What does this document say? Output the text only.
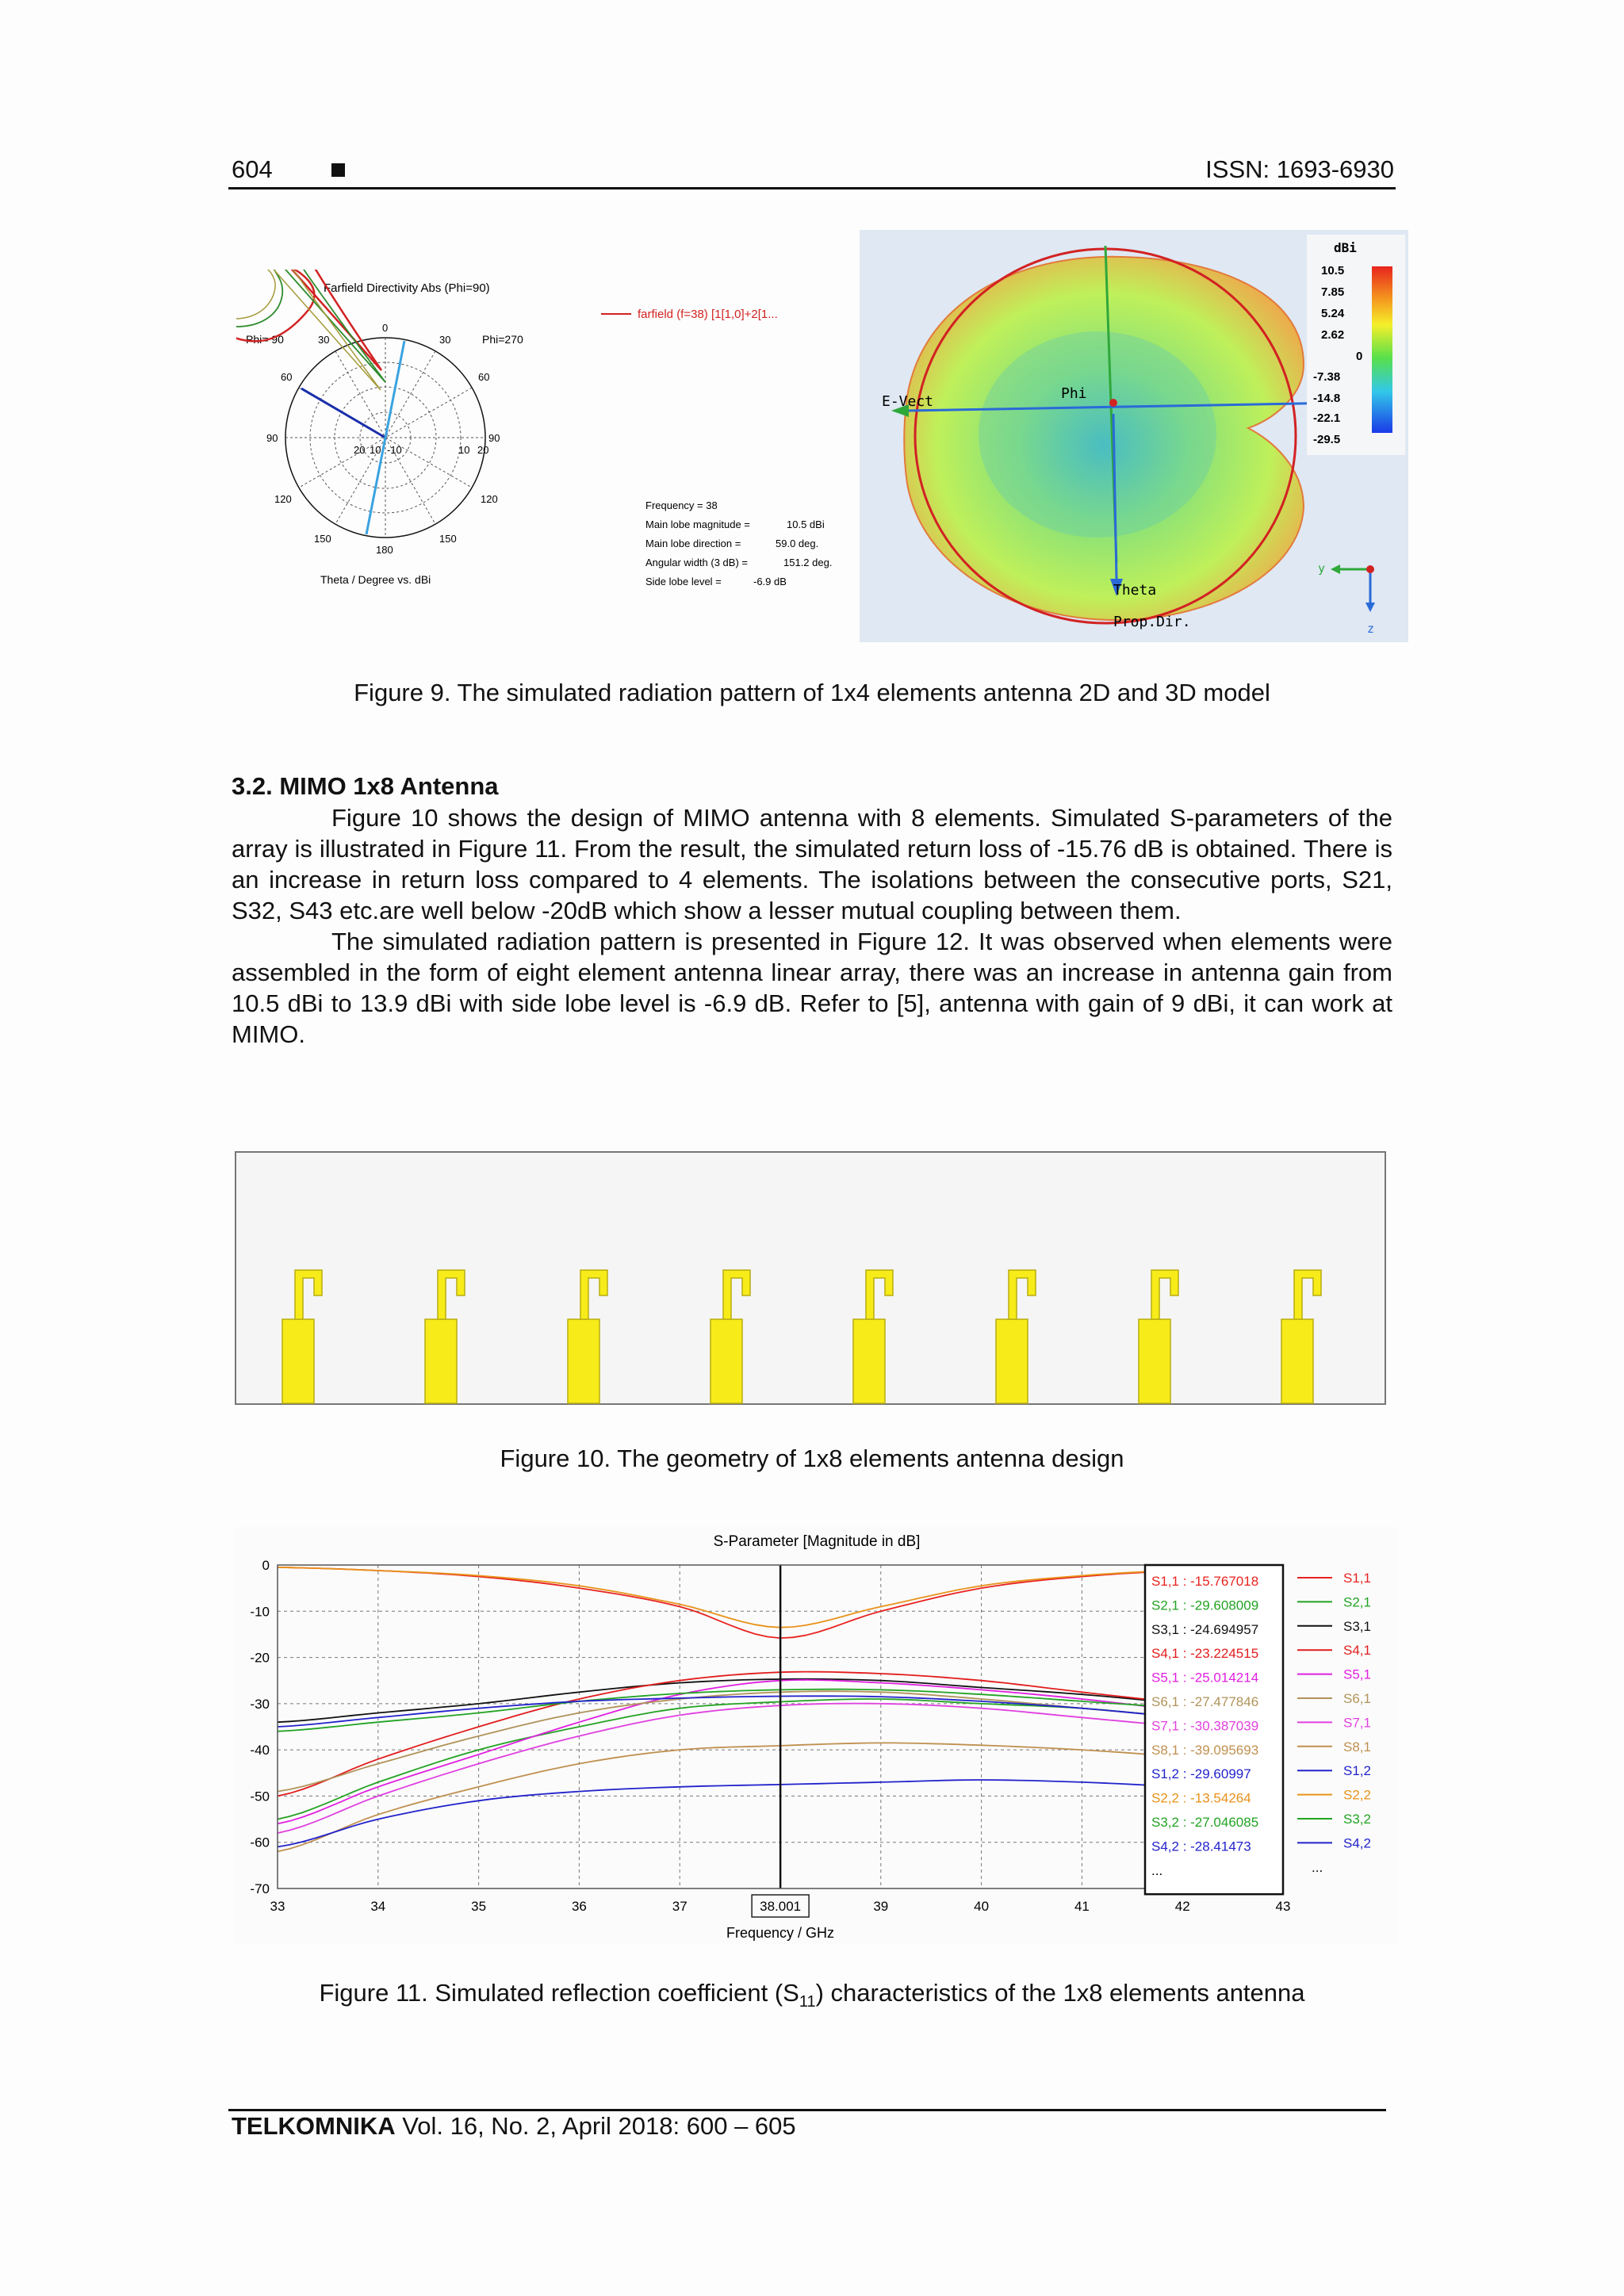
604	ISSN: 1693-6930
Farfield Directivity Abs (Phi=90)
farfield (f=38) [1[1,0]+2[1...
Phi= 90	Phi=270
0
30	30
60	60
90	90
120	120
150	150
180
20 10 -10	10 20
Theta / Degree vs. dBi
Frequency = 38
Main lobe magnitude =	10.5 dBi
Main lobe direction =	59.0 deg.
Angular width (3 dB) =	151.2 deg.
Side lobe level =	-6.9 dB
E-Vect	Phi
Theta
Prop.Dir.
dBi
10.5
7.85
5.24
2.62
0
-7.38
-14.8
-22.1
-29.5
y
z
Figure 9. The simulated radiation pattern of 1x4 elements antenna 2D and 3D model
3.2. MIMO 1x8 Antenna

Figure 10 shows the design of MIMO antenna with 8 elements. Simulated S-parameters of the array is illustrated in Figure 11. From the result, the simulated return loss of -15.76 dB is obtained. There is an increase in return loss compared to 4 elements. The isolations between the consecutive ports, S21, S32, S43 etc.are well below -20dB which show a lesser mutual coupling between them.

The simulated radiation pattern is presented in Figure 12. It was observed when elements were assembled in the form of eight element antenna linear array, there was an increase in antenna gain from 10.5 dBi to 13.9 dBi with side lobe level is -6.9 dB. Refer to [5], antenna with gain of 9 dBi, it can work at MIMO.

Figure 10. The geometry of 1x8 elements antenna design
S-Parameter [Magnitude in dB]
0
-10
-20
-30
-40
-50
-60
-70
33	34	35	36	37	38.001	39	40	41	42	43
S1,1 : -15.767018
S2,1 : -29.608009
S3,1 : -24.694957
S4,1 : -23.224515
S5,1 : -25.014214
S6,1 : -27.477846
S7,1 : -30.387039
S8,1 : -39.095693
S1,2 : -29.60997
S2,2 : -13.54264
S3,2 : -27.046085
S4,2 : -28.41473
...
S1,1
S2,1
S3,1
S4,1
S5,1
S6,1
S7,1
S8,1
S1,2
S2,2
S3,2
S4,2
...
Frequency / GHz
Figure 11. Simulated reflection coefficient $(S_{11})$ characteristics of the 1x8 elements antenna
TELKOMNIKA Vol. 16, No. 2, April 2018: 600 – 605
